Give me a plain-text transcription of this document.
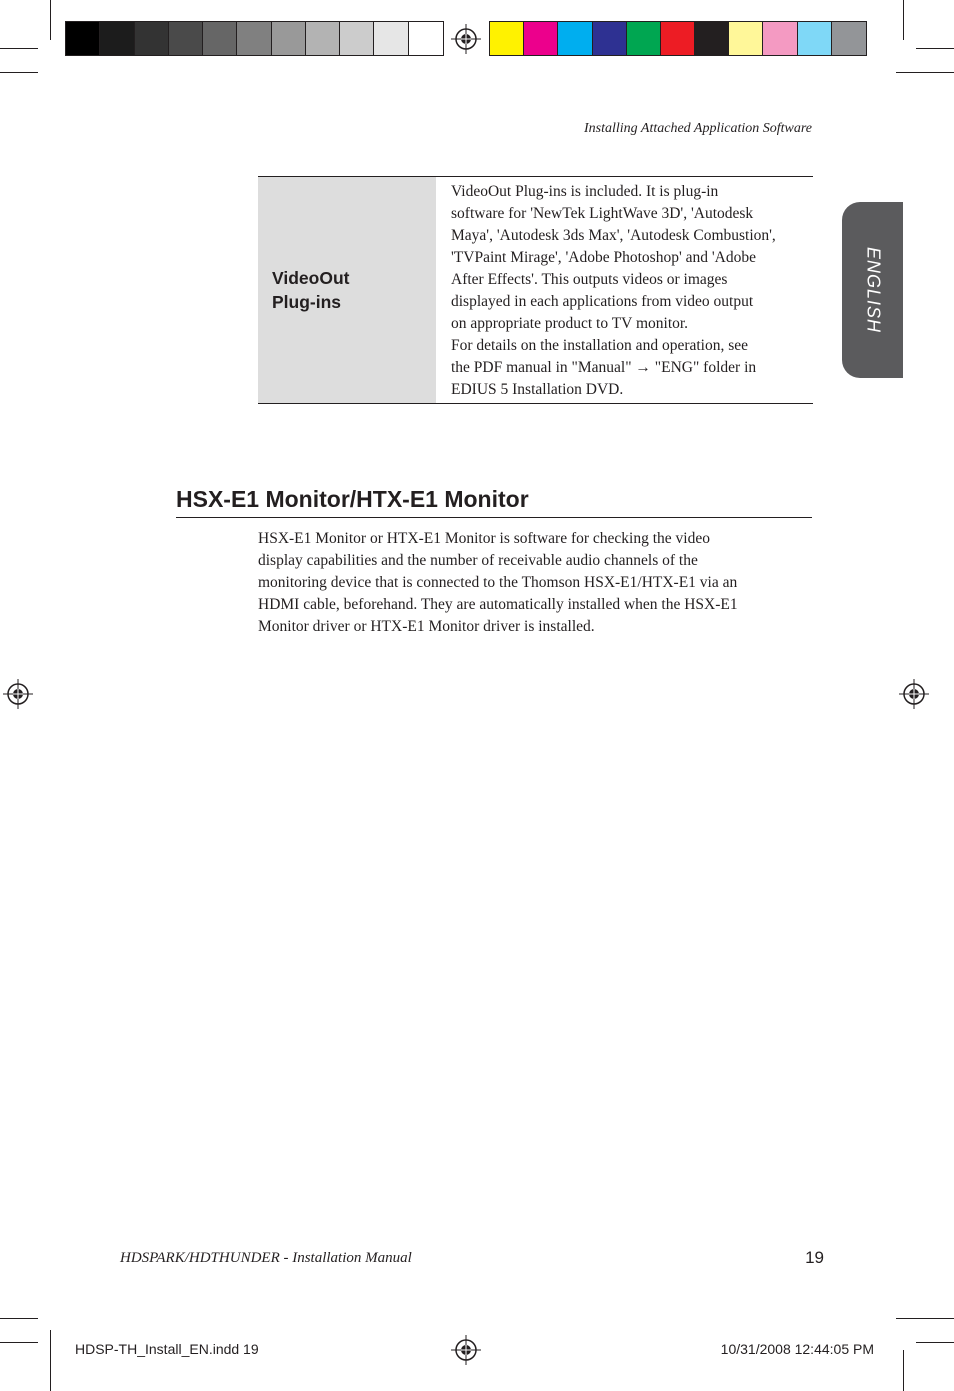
Installing Attached Application Software
ENGLISH
VideoOut
Plug-ins

VideoOut Plug-ins is included. It is plug-in
software for 'NewTek LightWave 3D', 'Autodesk
Maya', 'Autodesk 3ds Max', 'Autodesk Combustion',
'TVPaint Mirage', 'Adobe Photoshop' and 'Adobe
After Effects'. This outputs videos or images
displayed in each applications from video output
on appropriate product to TV monitor.
For details on the installation and operation, see
the PDF manual in "Manual" → "ENG" folder in
EDIUS 5 Installation DVD.
HSX-E1 Monitor/HTX-E1 Monitor
HSX-E1 Monitor or HTX-E1 Monitor is software for checking the video
display capabilities and the number of receivable audio channels of the
monitoring device that is connected to the Thomson HSX-E1/HTX-E1 via an
HDMI cable, beforehand. They are automatically installed when the HSX-E1
Monitor driver or HTX-E1 Monitor driver is installed.
HDSPARK/HDTHUNDER - Installation Manual	19
HDSP-TH_Install_EN.indd 19	10/31/2008 12:44:05 PM
